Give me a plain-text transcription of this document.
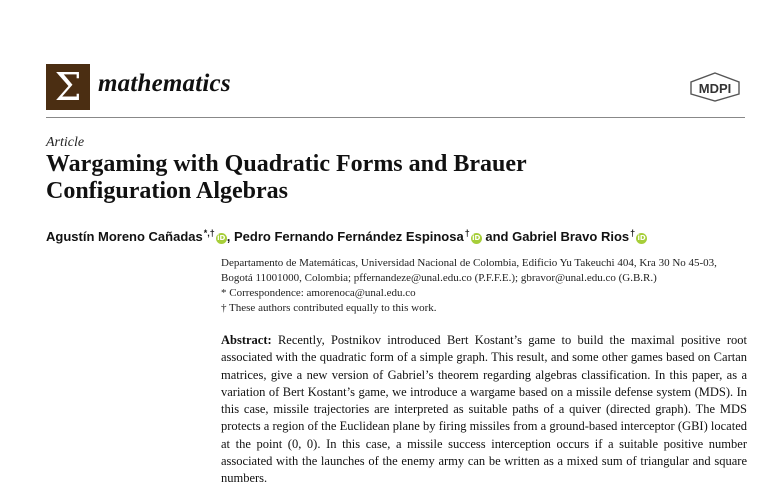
Σ mathematics	MDPI
Article
Wargaming with Quadratic Forms and Brauer Configuration Algebras
Agustín Moreno Cañadas*,† iD, Pedro Fernando Fernández Espinosa† iD and Gabriel Bravo Rios† iD
Departamento de Matemáticas, Universidad Nacional de Colombia, Edificio Yu Takeuchi 404, Kra 30 No 45-03, Bogotá 11001000, Colombia; pffernandeze@unal.edu.co (P.F.F.E.); gbravor@unal.edu.co (G.B.R.)
* Correspondence: amorenoca@unal.edu.co
† These authors contributed equally to this work.

Abstract: Recently, Postnikov introduced Bert Kostant’s game to build the maximal positive root associated with the quadratic form of a simple graph. This result, and some other games based on Cartan matrices, give a new version of Gabriel’s theorem regarding algebras classification. In this paper, as a variation of Bert Kostant’s game, we introduce a wargame based on a missile defense system (MDS). In this case, missile trajectories are interpreted as suitable paths of a quiver (directed graph). The MDS protects a region of the Euclidean plane by firing missiles from a ground-based interceptor (GBI) located at the point (0, 0). In this case, a missile success interception occurs if a suitable positive number associated with the launches of the enemy army can be written as a mixed sum of triangular and square numbers.
